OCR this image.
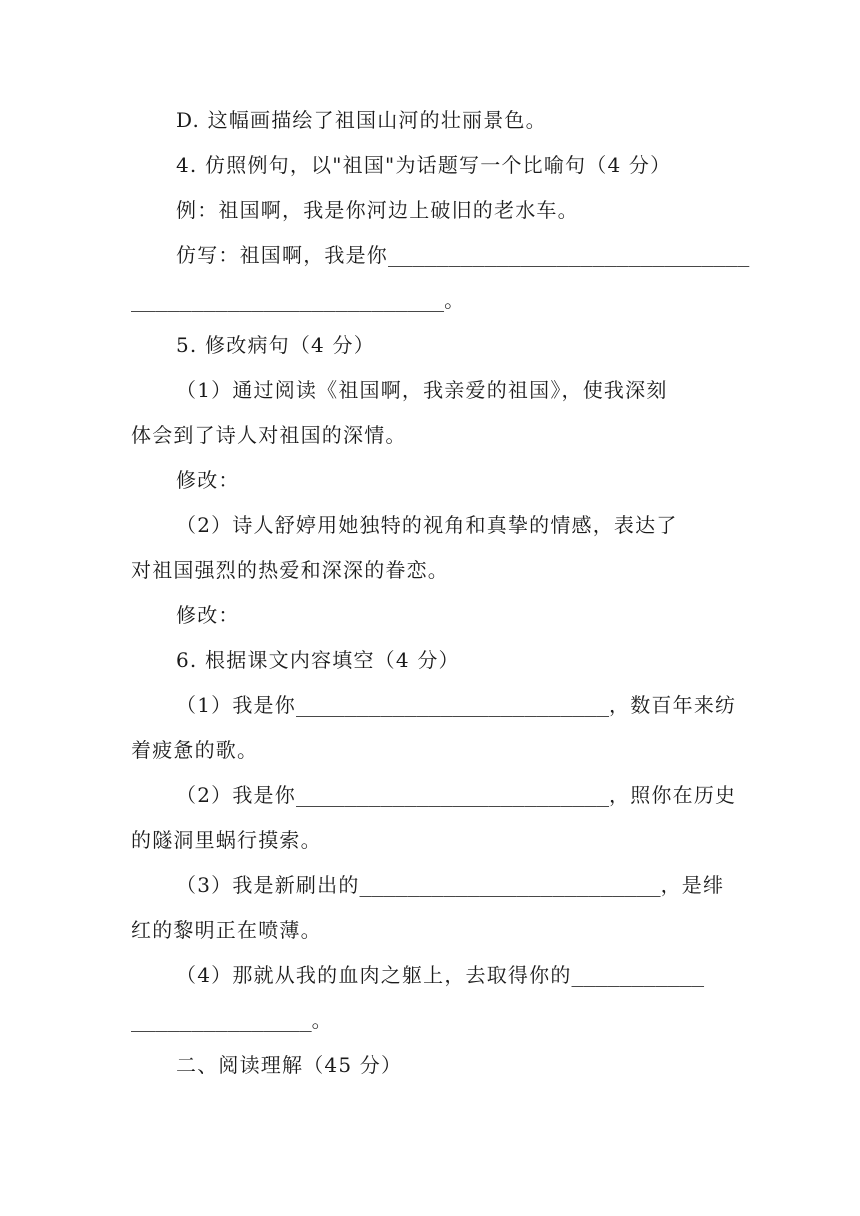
D. 这幅画描绘了祖国山河的壮丽景色。
4. 仿照例句，以"祖国"为话题写一个比喻句（4 分）
例：祖国啊，我是你河边上破旧的老水车。
仿写：祖国啊，我是你______________________________
__________________________。
5. 修改病句（4 分）
（1）通过阅读《祖国啊，我亲爱的祖国》，使我深刻
体会到了诗人对祖国的深情。
修改：
（2）诗人舒婷用她独特的视角和真挚的情感，表达了
对祖国强烈的热爱和深深的眷恋。
修改：
6. 根据课文内容填空（4 分）
（1）我是你__________________________，数百年来纺
着疲惫的歌。
（2）我是你__________________________，照你在历史
的隧洞里蜗行摸索。
（3）我是新刷出的_________________________，是绯
红的黎明正在喷薄。
（4）那就从我的血肉之躯上，去取得你的___________
_______________。
二、阅读理解（45 分）
